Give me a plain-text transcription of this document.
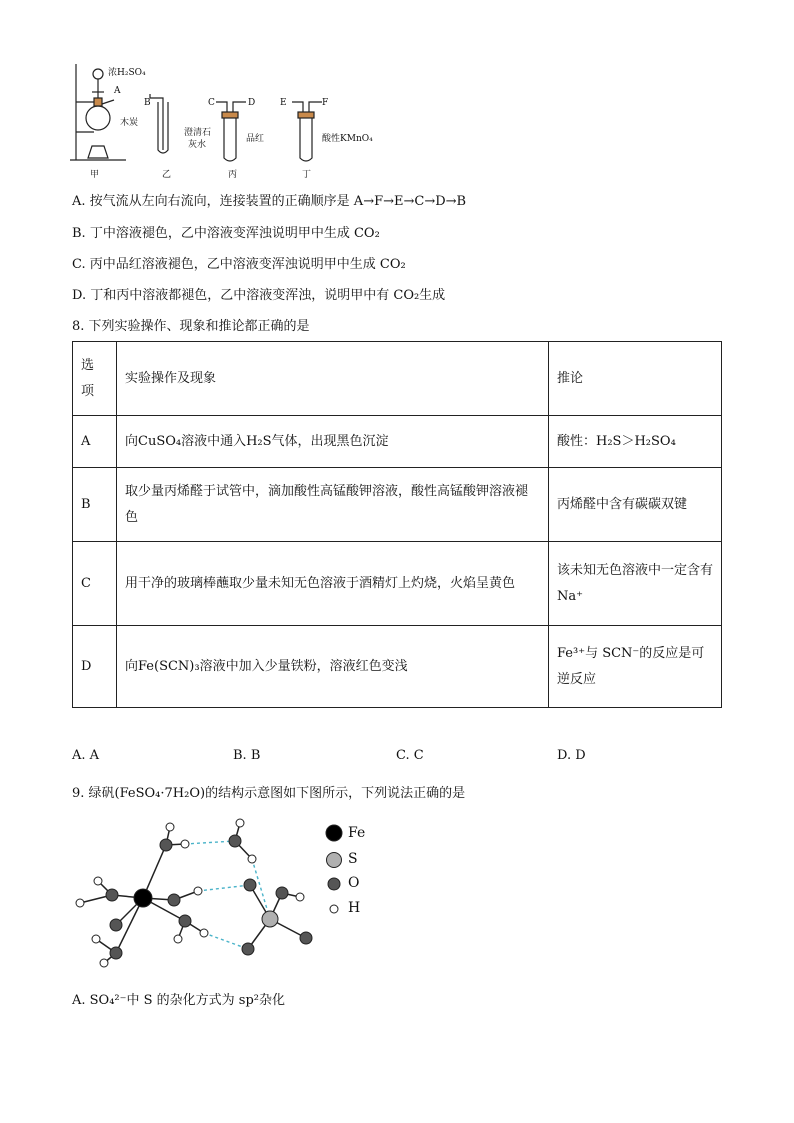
浓H₂SO₄
A
木炭
B	C	D	E	F
澄清石
灰水
品红	酸性KMnO₄
甲	乙	丙	丁
A. 按气流从左向右流向，连接装置的正确顺序是 A→F→E→C→D→B
B. 丁中溶液褪色，乙中溶液变浑浊说明甲中生成 CO₂
C. 丙中品红溶液褪色，乙中溶液变浑浊说明甲中生成 CO₂
D. 丁和丙中溶液都褪色，乙中溶液变浑浊，说明甲中有 CO₂生成
8. 下列实验操作、现象和推论都正确的是
选
项	实验操作及现象	推论
A	向CuSO₄溶液中通入H₂S气体，出现黑色沉淀	酸性：H₂S＞H₂SO₄
B	取少量丙烯醛于试管中，滴加酸性高锰酸钾溶液，酸性高锰酸钾溶液褪色	丙烯醛中含有碳碳双键
C	用干净的玻璃棒蘸取少量未知无色溶液于酒精灯上灼烧，火焰呈黄色	该未知无色溶液中一定含有 Na⁺
D	向Fe(SCN)₃溶液中加入少量铁粉，溶液红色变浅	Fe³⁺与 SCN⁻的反应是可逆反应
A. A	B. B	C. C	D. D
9. 绿矾(FeSO₄·7H₂O)的结构示意图如下图所示，下列说法正确的是
Fe
S
O
H
A. SO₄²⁻中 S 的杂化方式为 sp²杂化
